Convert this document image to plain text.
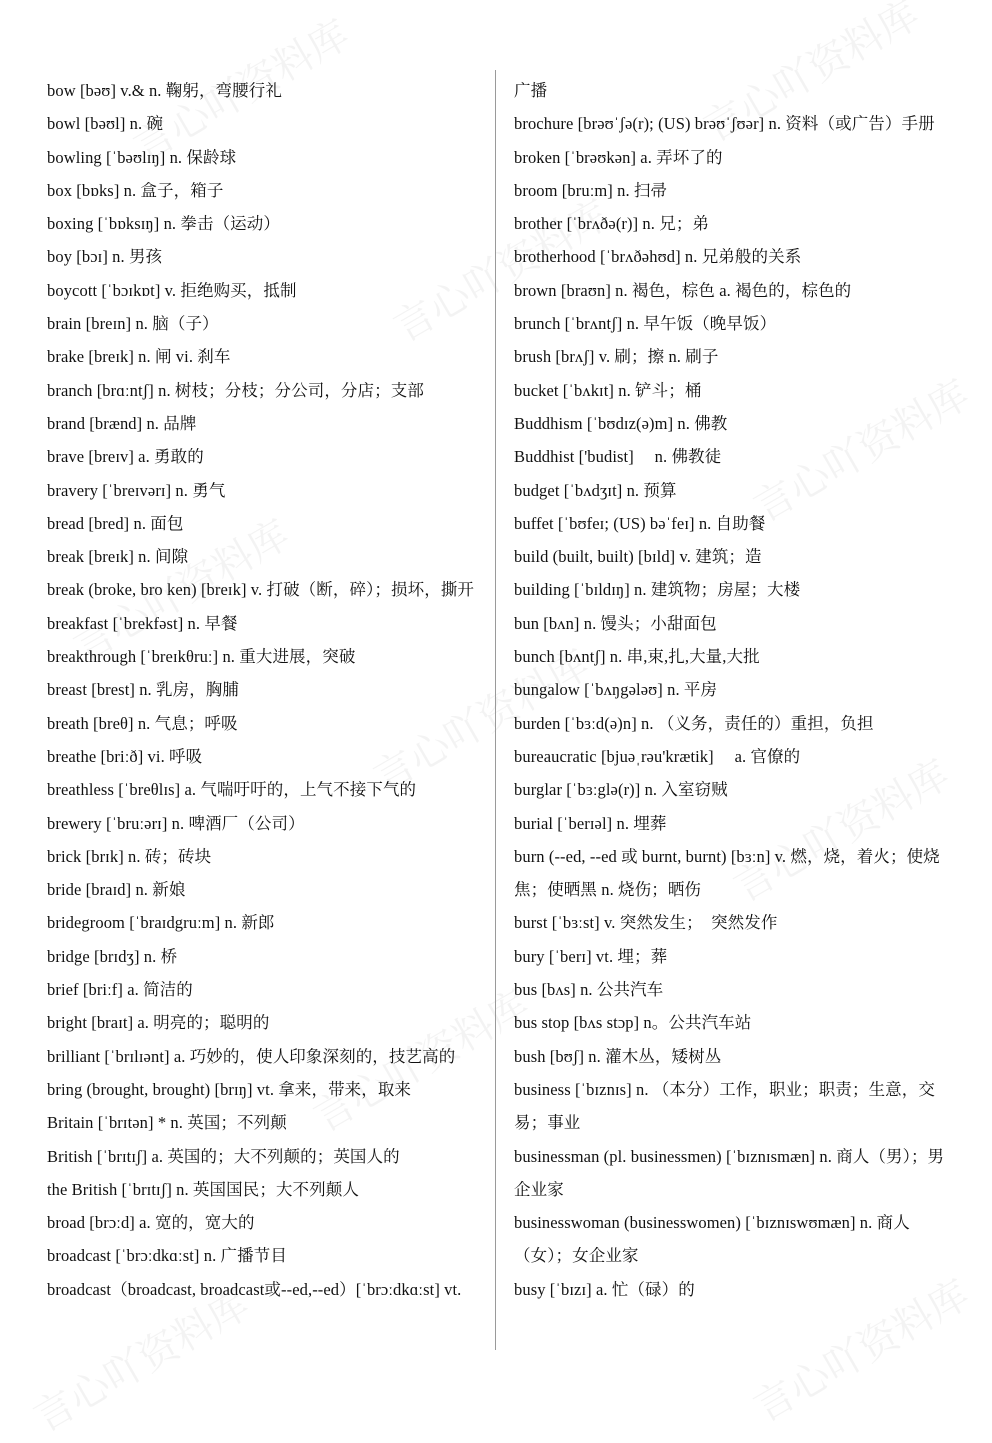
bow [bəʊ] v.& n. 鞠躬，弯腰行礼
bowl [bəʊl] n. 碗
bowling [ˈbəʊlɪŋ] n. 保龄球
box [bɒks] n. 盒子，箱子
boxing [ˈbɒksɪŋ] n. 拳击（运动）
boy [bɔɪ] n. 男孩
boycott [ˈbɔɪkɒt] v. 拒绝购买，抵制
brain [breɪn] n. 脑（子）
brake [breɪk] n. 闸 vi. 刹车
branch [brɑːntʃ] n. 树枝；分枝；分公司，分店；支部
brand [brænd] n. 品牌
brave [breɪv] a. 勇敢的
bravery [ˈbreɪvərɪ] n. 勇气
bread [bred] n. 面包
break [breɪk] n. 间隙
break (broke, bro ken) [breɪk] v. 打破（断，碎）；损坏，撕开
breakfast [ˈbrekfəst] n. 早餐
breakthrough [ˈbreɪkθruː] n. 重大进展，突破
breast [brest] n. 乳房，胸脯
breath [breθ] n. 气息；呼吸
breathe [briːð] vi. 呼吸
breathless [ˈbreθlɪs] a. 气喘吁吁的，上气不接下气的
brewery [ˈbruːərɪ] n. 啤酒厂（公司）
brick [brɪk] n. 砖；砖块
bride [braɪd] n. 新娘
bridegroom [ˈbraɪdgruːm] n. 新郎
bridge [brɪdʒ] n. 桥
brief [briːf] a. 简洁的
bright [braɪt] a. 明亮的；聪明的
brilliant [ˈbrɪlɪənt] a. 巧妙的，使人印象深刻的，技艺高的
bring (brought, brought) [brɪŋ] vt. 拿来，带来，取来
Britain [ˈbrɪtən] * n. 英国；不列颠
British [ˈbrɪtɪʃ] a. 英国的；大不列颠的；英国人的
the British [ˈbrɪtɪʃ] n. 英国国民；大不列颠人
broad [brɔːd] a. 宽的，宽大的
broadcast [ˈbrɔːdkɑːst] n. 广播节目
broadcast（broadcast, broadcast或--ed,--ed）[ˈbrɔːdkɑːst] vt.
广播
brochure [brəʊˈʃə(r); (US) brəʊˈʃʊər] n. 资料（或广告）手册
broken [ˈbrəʊkən] a. 弄坏了的
broom [bruːm] n. 扫帚
brother [ˈbrʌðə(r)] n. 兄；弟
brotherhood [ˈbrʌðəhʊd] n. 兄弟般的关系
brown [braʊn] n. 褐色，棕色 a. 褐色的，棕色的
brunch [ˈbrʌntʃ] n. 早午饭（晚早饭）
brush [brʌʃ] v. 刷；擦 n. 刷子
bucket [ˈbʌkɪt] n. 铲斗；桶
Buddhism [ˈbʊdɪz(ə)m] n. 佛教
Buddhist ['budist]　 n. 佛教徒
budget [ˈbʌdʒɪt] n. 预算
buffet [ˈbʊfeɪ; (US) bəˈfeɪ] n. 自助餐
build (built, built) [bɪld] v. 建筑；造
building [ˈbɪldɪŋ] n. 建筑物；房屋；大楼
bun [bʌn] n. 馒头；小甜面包
bunch [bʌntʃ] n. 串,束,扎,大量,大批
bungalow [ˈbʌŋgələʊ] n. 平房
burden [ˈbɜːd(ə)n] n. （义务，责任的）重担，负担
bureaucratic [bjuəˌrəu'krætik]　 a. 官僚的
burglar [ˈbɜːglə(r)] n. 入室窃贼
burial [ˈberɪəl] n. 埋葬
burn (--ed, --ed 或 burnt, burnt) [bɜːn] v. 燃，烧，着火；使烧焦；使晒黑 n. 烧伤；晒伤
burst [ˈbɜːst] v. 突然发生；　突然发作
bury [ˈberɪ] vt. 埋；葬
bus [bʌs] n. 公共汽车
bus stop [bʌs stɔp] n。公共汽车站
bush [bʊʃ] n. 灌木丛，矮树丛
business [ˈbɪznɪs] n. （本分）工作，职业；职责；生意，交易；事业
businessman (pl. businessmen) [ˈbɪznɪsmæn] n. 商人（男）；男企业家
businesswoman (businesswomen) [ˈbɪznɪswʊmæn] n. 商人（女）；女企业家
busy [ˈbɪzɪ] a. 忙（碌）的
